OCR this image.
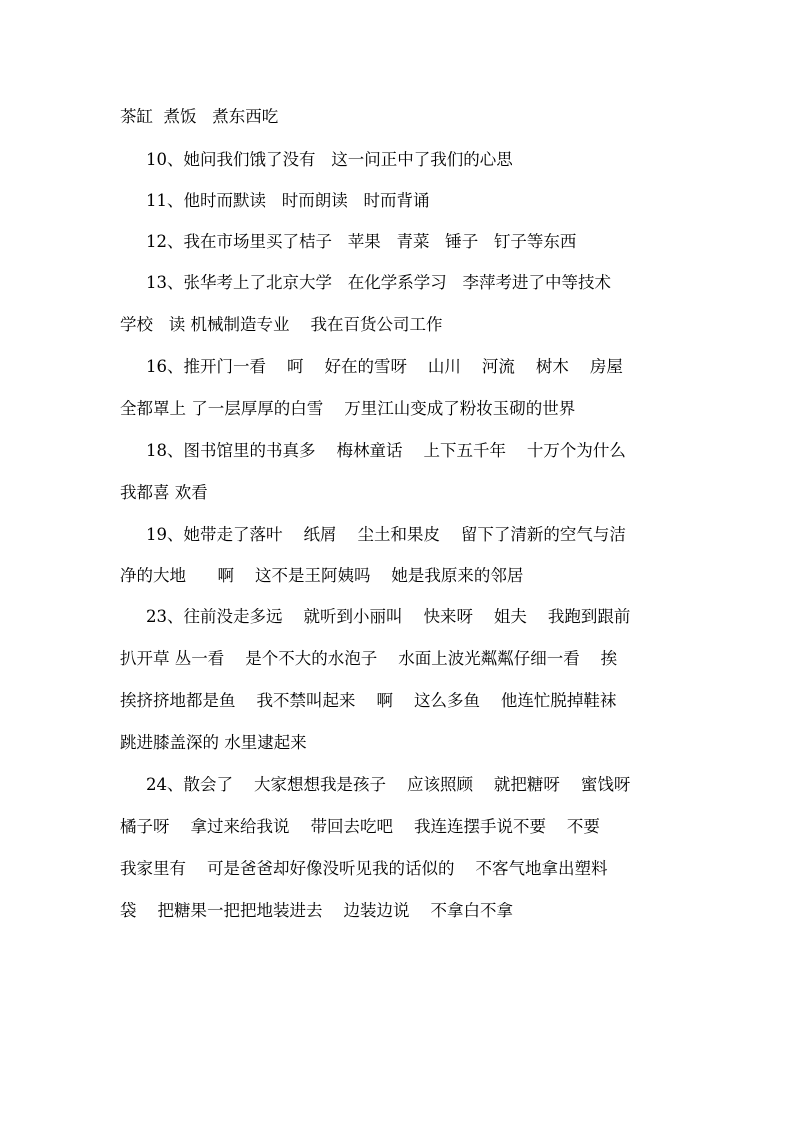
茶缸  煮饭   煮东西吃
10、她问我们饿了没有   这一问正中了我们的心思
11、他时而默读   时而朗读   时而背诵
12、我在市场里买了桔子   苹果   青菜   锤子   钉子等东西
13、张华考上了北京大学   在化学系学习   李萍考进了中等技术
学校   读 机械制造专业    我在百货公司工作
16、推开门一看    呵    好在的雪呀    山川    河流    树木    房屋
全都罩上 了一层厚厚的白雪    万里江山变成了粉妆玉砌的世界
18、图书馆里的书真多    梅林童话    上下五千年    十万个为什么
我都喜 欢看
19、她带走了落叶    纸屑    尘土和果皮    留下了清新的空气与洁
净的大地      啊    这不是王阿姨吗    她是我原来的邻居
23、往前没走多远    就听到小丽叫    快来呀    姐夫    我跑到跟前
扒开草 丛一看    是个不大的水泡子    水面上波光粼粼仔细一看    挨
挨挤挤地都是鱼    我不禁叫起来    啊    这么多鱼    他连忙脱掉鞋袜
跳进膝盖深的 水里逮起来
24、散会了    大家想想我是孩子    应该照顾    就把糖呀    蜜饯呀
橘子呀    拿过来给我说    带回去吃吧    我连连摆手说不要    不要
我家里有    可是爸爸却好像没听见我的话似的    不客气地拿出塑料
袋    把糖果一把把地装进去    边装边说    不拿白不拿
